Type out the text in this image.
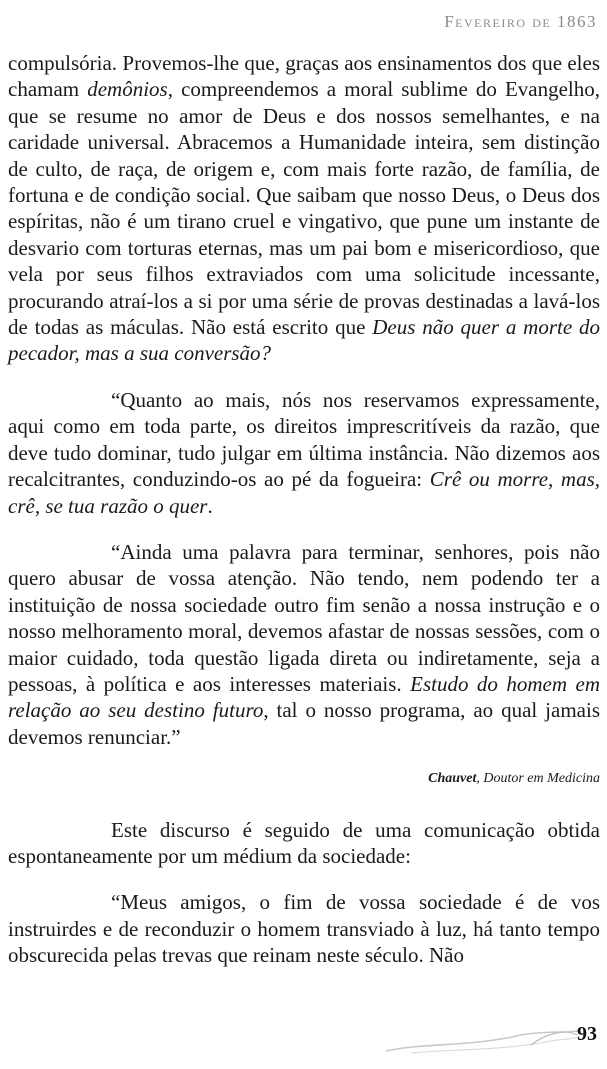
Fevereiro de 1863

compulsória. Provemos-lhe que, graças aos ensinamentos dos que eles chamam demônios, compreendemos a moral sublime do Evangelho, que se resume no amor de Deus e dos nossos semelhantes, e na caridade universal. Abracemos a Humanidade inteira, sem distinção de culto, de raça, de origem e, com mais forte razão, de família, de fortuna e de condição social. Que saibam que nosso Deus, o Deus dos espíritas, não é um tirano cruel e vingativo, que pune um instante de desvario com torturas eternas, mas um pai bom e misericordioso, que vela por seus filhos extraviados com uma solicitude incessante, procurando atraí-los a si por uma série de provas destinadas a lavá-los de todas as máculas. Não está escrito que Deus não quer a morte do pecador, mas a sua conversão?

“Quanto ao mais, nós nos reservamos expressamente, aqui como em toda parte, os direitos imprescritíveis da razão, que deve tudo dominar, tudo julgar em última instância. Não dizemos aos recalcitrantes, conduzindo-os ao pé da fogueira: Crê ou morre, mas, crê, se tua razão o quer.

“Ainda uma palavra para terminar, senhores, pois não quero abusar de vossa atenção. Não tendo, nem podendo ter a instituição de nossa sociedade outro fim senão a nossa instrução e o nosso melhoramento moral, devemos afastar de nossas sessões, com o maior cuidado, toda questão ligada direta ou indiretamente, seja a pessoas, à política e aos interesses materiais. Estudo do homem em relação ao seu destino futuro, tal o nosso programa, ao qual jamais devemos renunciar.”

Chauvet, Doutor em Medicina

Este discurso é seguido de uma comunicação obtida espontaneamente por um médium da sociedade:

“Meus amigos, o fim de vossa sociedade é de vos instruirdes e de reconduzir o homem transviado à luz, há tanto tempo obscurecida pelas trevas que reinam neste século. Não

93
